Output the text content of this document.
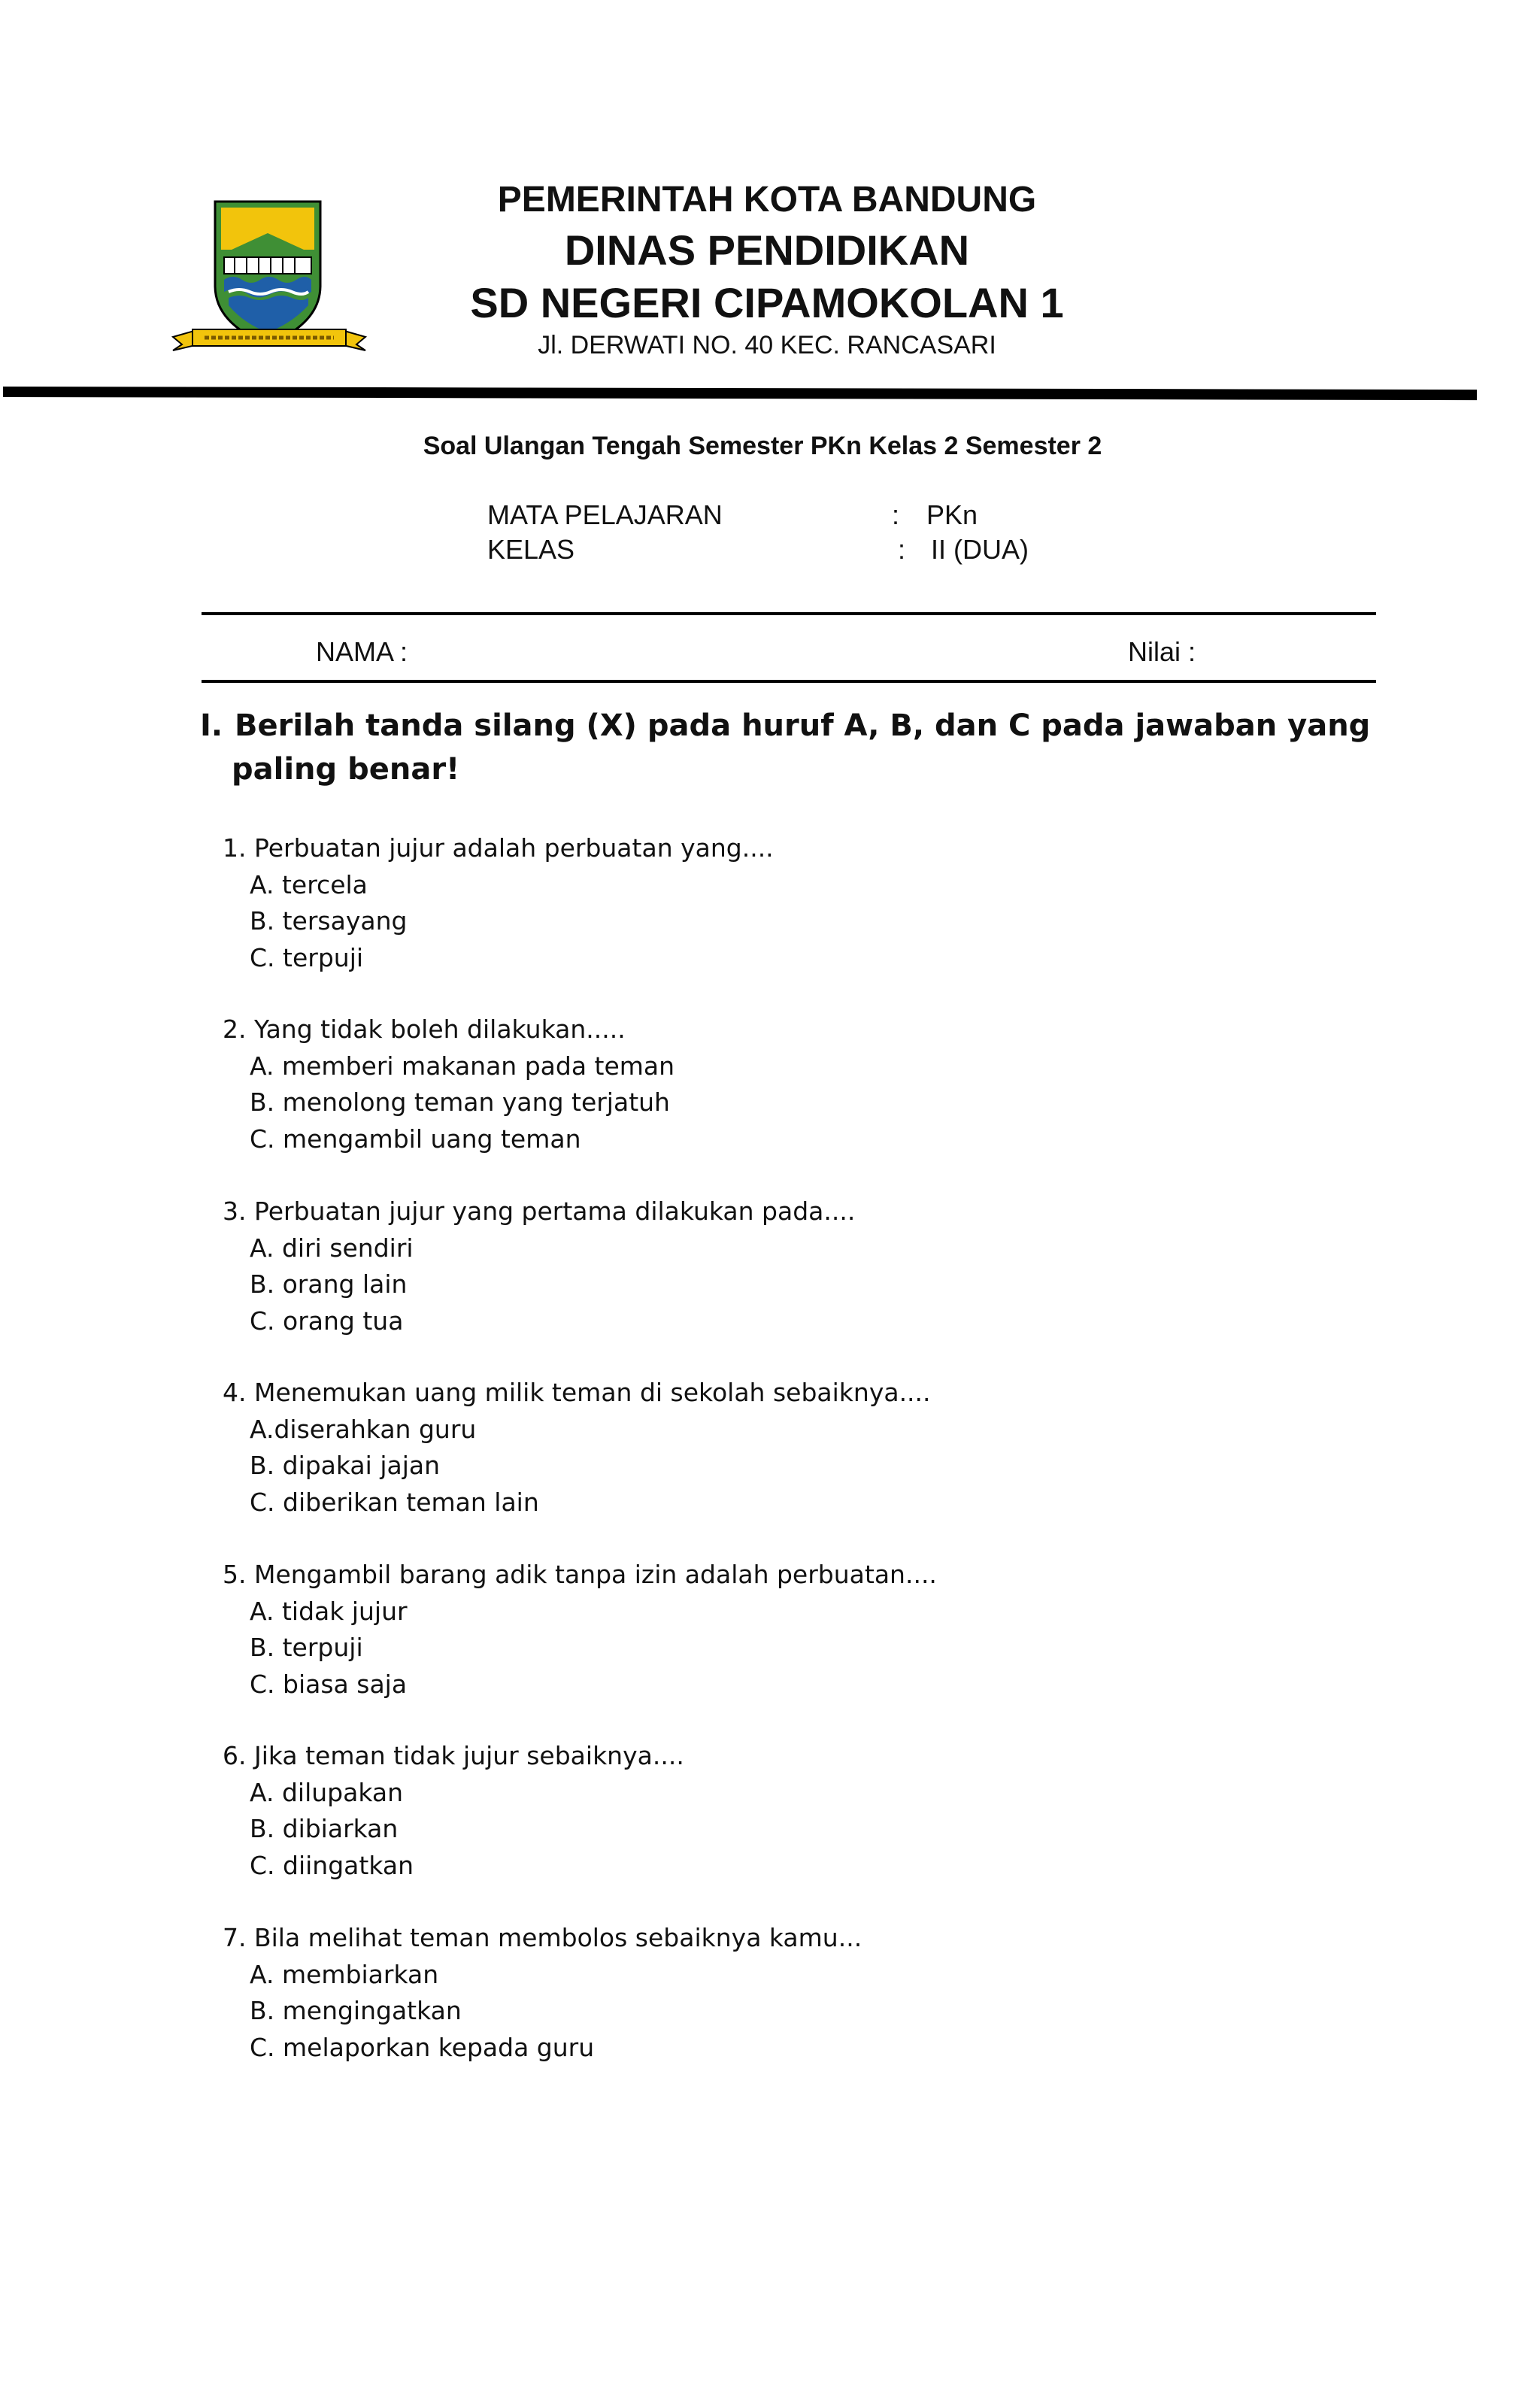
PEMERINTAH KOTA BANDUNG
DINAS PENDIDIKAN
SD NEGERI CIPAMOKOLAN 1
Jl. DERWATI NO. 40 KEC. RANCASARI
Soal Ulangan Tengah Semester PKn Kelas 2 Semester 2
MATA PELAJARAN	: PKn
KELAS	: II (DUA)
NAMA :	Nilai :
I. Berilah tanda silang (X) pada huruf A, B, dan C pada jawaban yang
paling benar!
1. Perbuatan jujur adalah perbuatan yang....
A. tercela
B. tersayang
C. terpuji
2. Yang tidak boleh dilakukan.....
A. memberi makanan pada teman
B. menolong teman yang terjatuh
C. mengambil uang teman
3. Perbuatan jujur yang pertama dilakukan pada....
A. diri sendiri
B. orang lain
C. orang tua
4. Menemukan uang milik teman di sekolah sebaiknya....
A.diserahkan guru
B. dipakai jajan
C. diberikan teman lain
5. Mengambil barang adik tanpa izin adalah perbuatan....
A. tidak jujur
B. terpuji
C. biasa saja
6. Jika teman tidak jujur sebaiknya....
A. dilupakan
B. dibiarkan
C. diingatkan
7. Bila melihat teman membolos sebaiknya kamu...
A. membiarkan
B. mengingatkan
C. melaporkan kepada guru
